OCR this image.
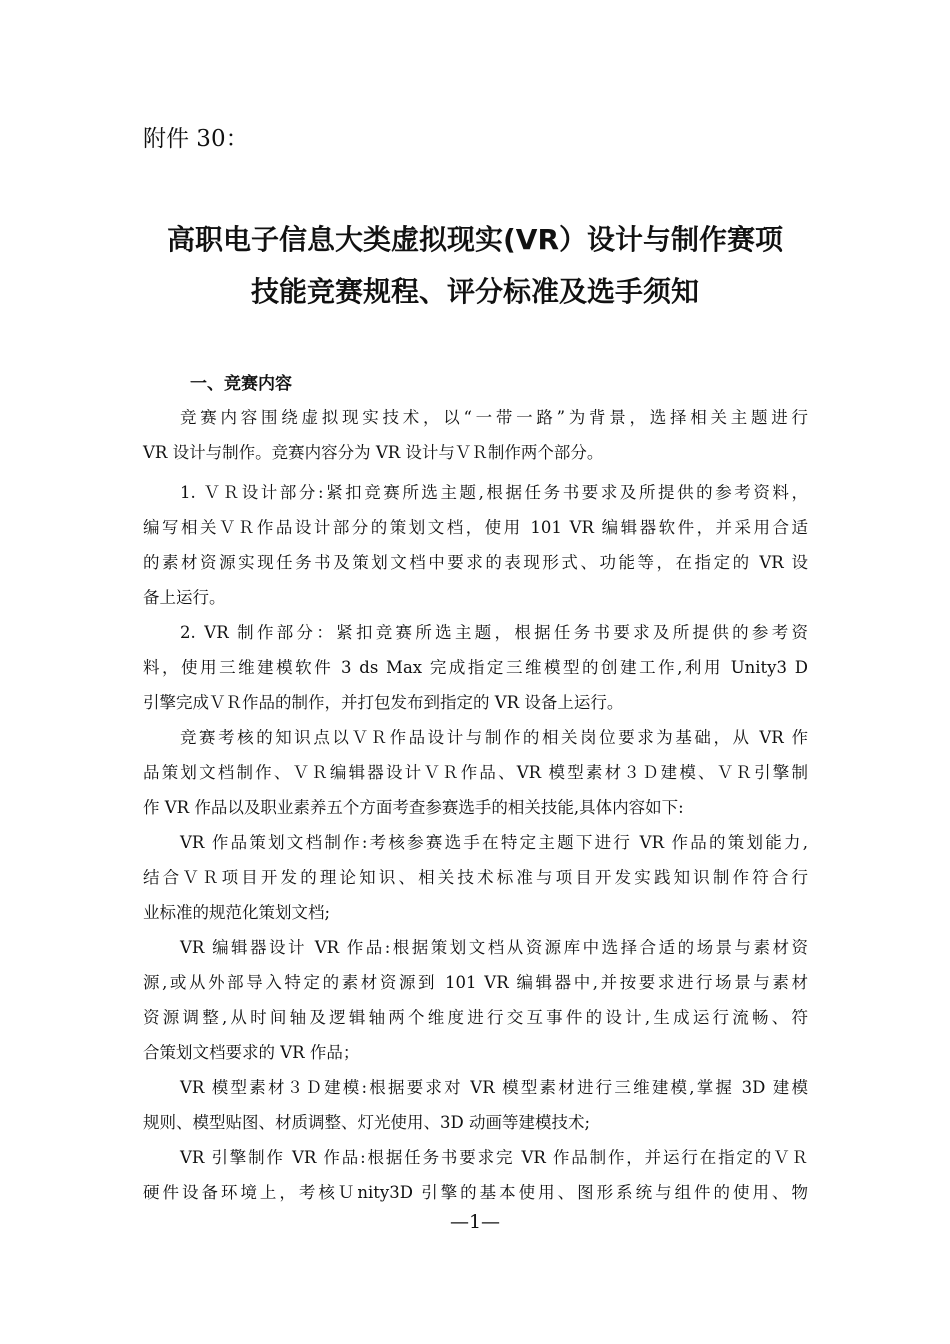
附件 30：
高职电子信息大类虚拟现实(VR）设计与制作赛项
技能竞赛规程、评分标准及选手须知
一、竞赛内容
竞赛内容围绕虚拟现实技术，以“一带一路”为背景，选择相关主题进行
VR 设计与制作。竞赛内容分为 VR 设计与ＶＲ制作两个部分。
1. ＶＲ设计部分:紧扣竞赛所选主题,根据任务书要求及所提供的参考资料，
编写相关ＶＲ作品设计部分的策划文档，使用 101 VR 编辑器软件，并采用合适
的素材资源实现任务书及策划文档中要求的表现形式、功能等，在指定的 VR 设
备上运行。
2. VR 制作部分：紧扣竞赛所选主题，根据任务书要求及所提供的参考资
料，使用三维建模软件 3 ds Max 完成指定三维模型的创建工作,利用 Unity3 D
引擎完成ＶＲ作品的制作，并打包发布到指定的 VR 设备上运行。
竞赛考核的知识点以ＶＲ作品设计与制作的相关岗位要求为基础，从 VR 作
品策划文档制作、ＶＲ编辑器设计ＶＲ作品、VR 模型素材３Ｄ建模、ＶＲ引擎制
作 VR 作品以及职业素养五个方面考查参赛选手的相关技能,具体内容如下:
VR 作品策划文档制作:考核参赛选手在特定主题下进行 VR 作品的策划能力,
结合ＶＲ项目开发的理论知识、相关技术标准与项目开发实践知识制作符合行
业标准的规范化策划文档;
VR 编辑器设计 VR 作品:根据策划文档从资源库中选择合适的场景与素材资
源,或从外部导入特定的素材资源到 101 VR 编辑器中,并按要求进行场景与素材
资源调整,从时间轴及逻辑轴两个维度进行交互事件的设计,生成运行流畅、符
合策划文档要求的 VR 作品；
VR 模型素材３Ｄ建模:根据要求对 VR 模型素材进行三维建模,掌握 3D 建模
规则、模型贴图、材质调整、灯光使用、3D 动画等建模技术;
VR 引擎制作 VR 作品:根据任务书要求完 VR 作品制作，并运行在指定的ＶＲ
硬件设备环境上，考核Ｕnity3D 引擎的基本使用、图形系统与组件的使用、物
—1—
